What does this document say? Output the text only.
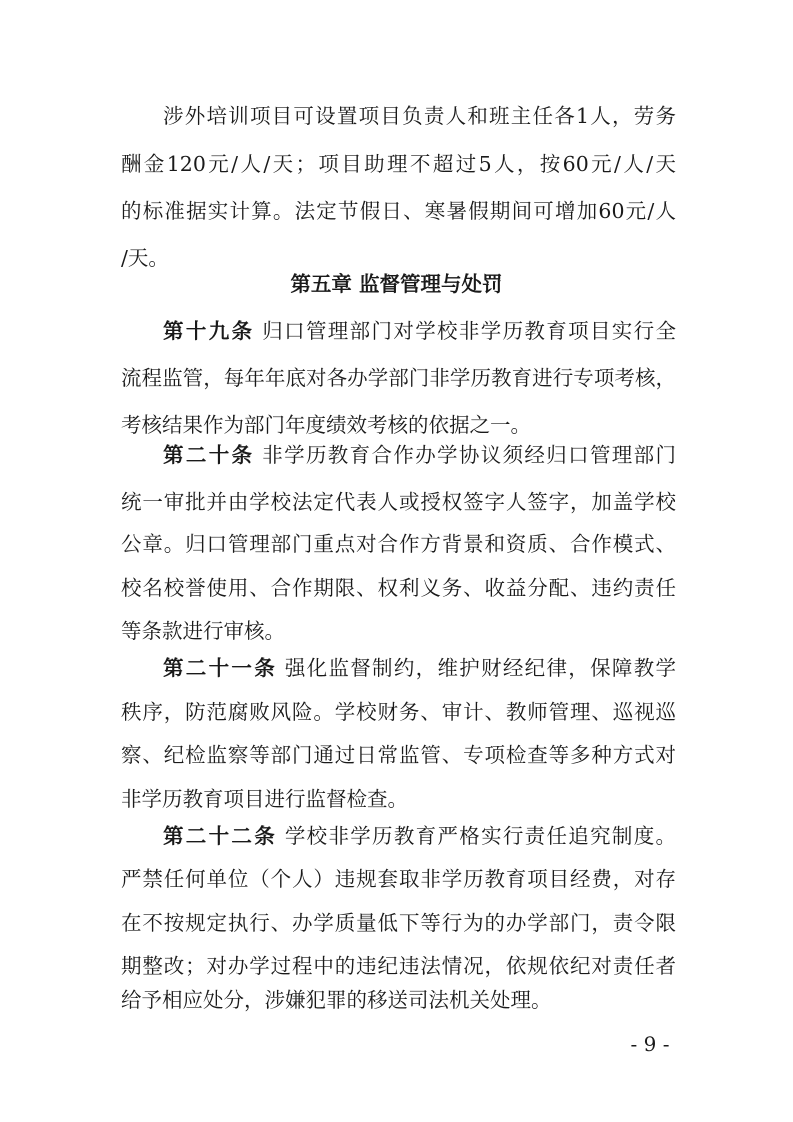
涉外培训项目可设置项目负责人和班主任各1人，劳务
酬金120元/人/天；项目助理不超过5人，按60元/人/天
的标准据实计算。法定节假日、寒暑假期间可增加60元/人
/天。
第五章 监督管理与处罚
第十九条 归口管理部门对学校非学历教育项目实行全
流程监管，每年年底对各办学部门非学历教育进行专项考核，
考核结果作为部门年度绩效考核的依据之一。
第二十条 非学历教育合作办学协议须经归口管理部门
统一审批并由学校法定代表人或授权签字人签字，加盖学校
公章。归口管理部门重点对合作方背景和资质、合作模式、
校名校誉使用、合作期限、权利义务、收益分配、违约责任
等条款进行审核。
第二十一条 强化监督制约，维护财经纪律，保障教学
秩序，防范腐败风险。学校财务、审计、教师管理、巡视巡
察、纪检监察等部门通过日常监管、专项检查等多种方式对
非学历教育项目进行监督检查。
第二十二条 学校非学历教育严格实行责任追究制度。
严禁任何单位（个人）违规套取非学历教育项目经费，对存
在不按规定执行、办学质量低下等行为的办学部门，责令限
期整改；对办学过程中的违纪违法情况，依规依纪对责任者
给予相应处分，涉嫌犯罪的移送司法机关处理。
- 9 -
